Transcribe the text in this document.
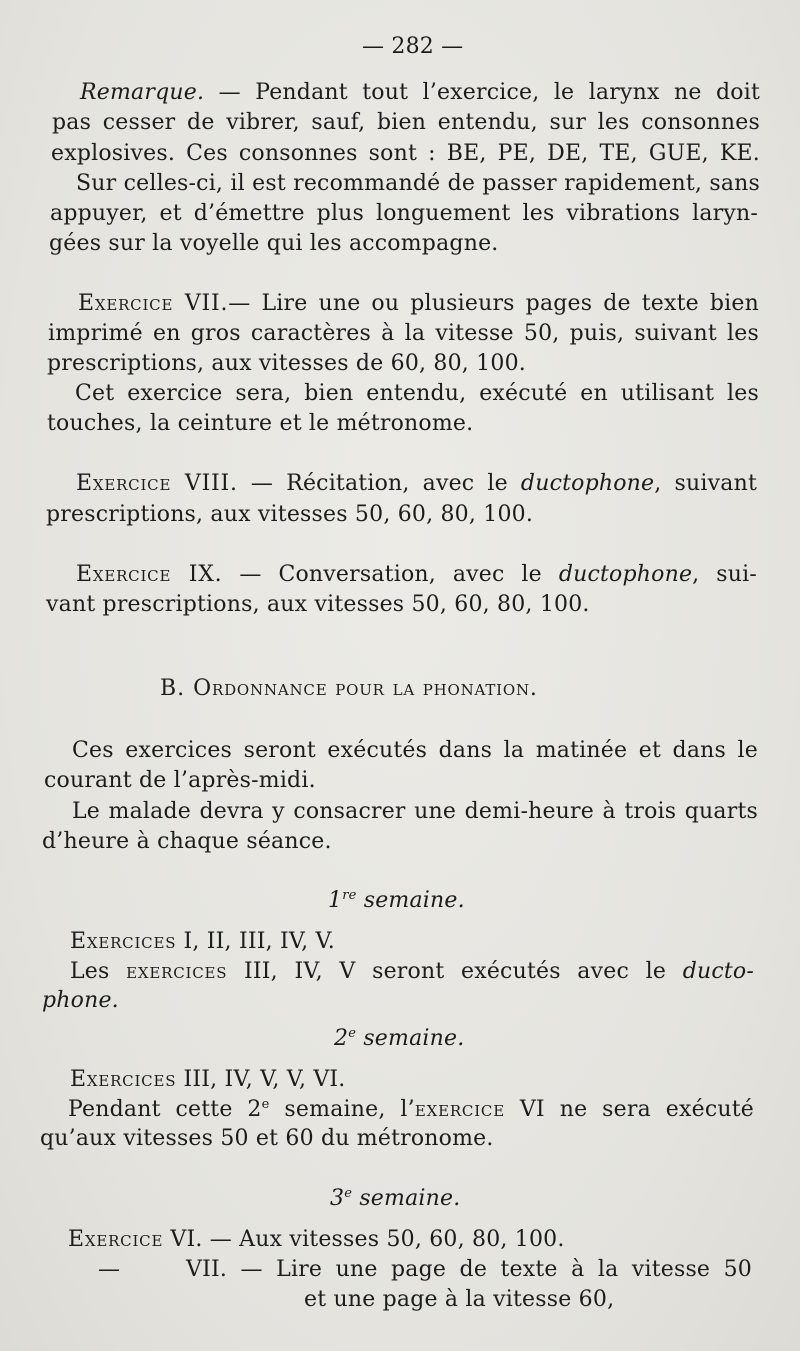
— 282 —

Remarque. — Pendant tout l’exercice, le larynx ne doit

pas cesser de vibrer, sauf, bien entendu, sur les consonnes

explosives. Ces consonnes sont : BE, PE, DE, TE, GUE, KE.

Sur celles-ci, il est recommandé de passer rapidement, sans

appuyer, et d’émettre plus longuement les vibrations laryn-

gées sur la voyelle qui les accompagne.

Exercice VII.— Lire une ou plusieurs pages de texte bien

imprimé en gros caractères à la vitesse 50, puis, suivant les

prescriptions, aux vitesses de 60, 80, 100.

Cet exercice sera, bien entendu, exécuté en utilisant les

touches, la ceinture et le métronome.

Exercice VIII. — Récitation, avec le ductophone, suivant

prescriptions, aux vitesses 50, 60, 80, 100.

Exercice IX. — Conversation, avec le ductophone, sui-

vant prescriptions, aux vitesses 50, 60, 80, 100.

B. Ordonnance pour la phonation.

Ces exercices seront exécutés dans la matinée et dans le

courant de l’après-midi.

Le malade devra y consacrer une demi-heure à trois quarts

d’heure à chaque séance.

1re semaine.

Exercices I, II, III, IV, V.

Les exercices III, IV, V seront exécutés avec le ducto-

phone.

2e semaine.

Exercices III, IV, V, V, VI.

Pendant cette 2e semaine, l’exercice VI ne sera exécuté

qu’aux vitesses 50 et 60 du métronome.

3e semaine.

Exercice VI. — Aux vitesses 50, 60, 80, 100.

—	VII. — Lire une page de texte à la vitesse 50

et une page à la vitesse 60,
